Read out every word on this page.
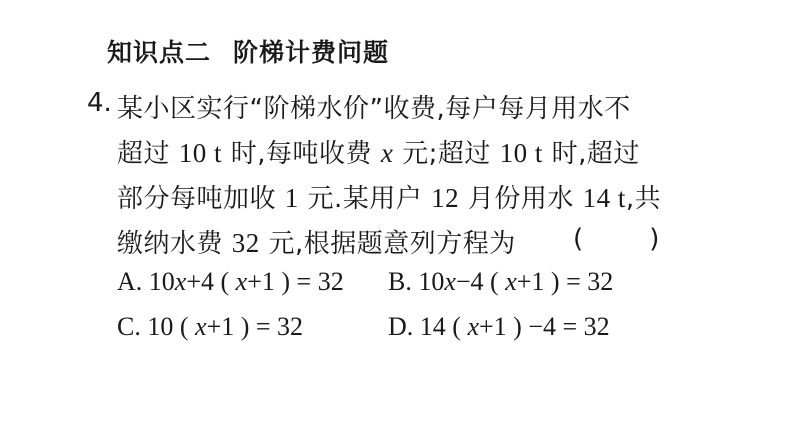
知识点二 阶梯计费问题
4. 某小区实行“阶梯水价”收费,每户每月用水不
超过 10 t 时,每吨收费 x 元;超过 10 t 时,超过
部分每吨加收 1 元.某用户 12 月份用水 14 t,共
缴纳水费 32 元,根据题意列方程为 (        )
A. 10x+4 ( x+1 ) = 32 B. 10x−4 ( x+1 ) = 32
C. 10 ( x+1 ) = 32	D. 14 ( x+1 ) −4 = 32
